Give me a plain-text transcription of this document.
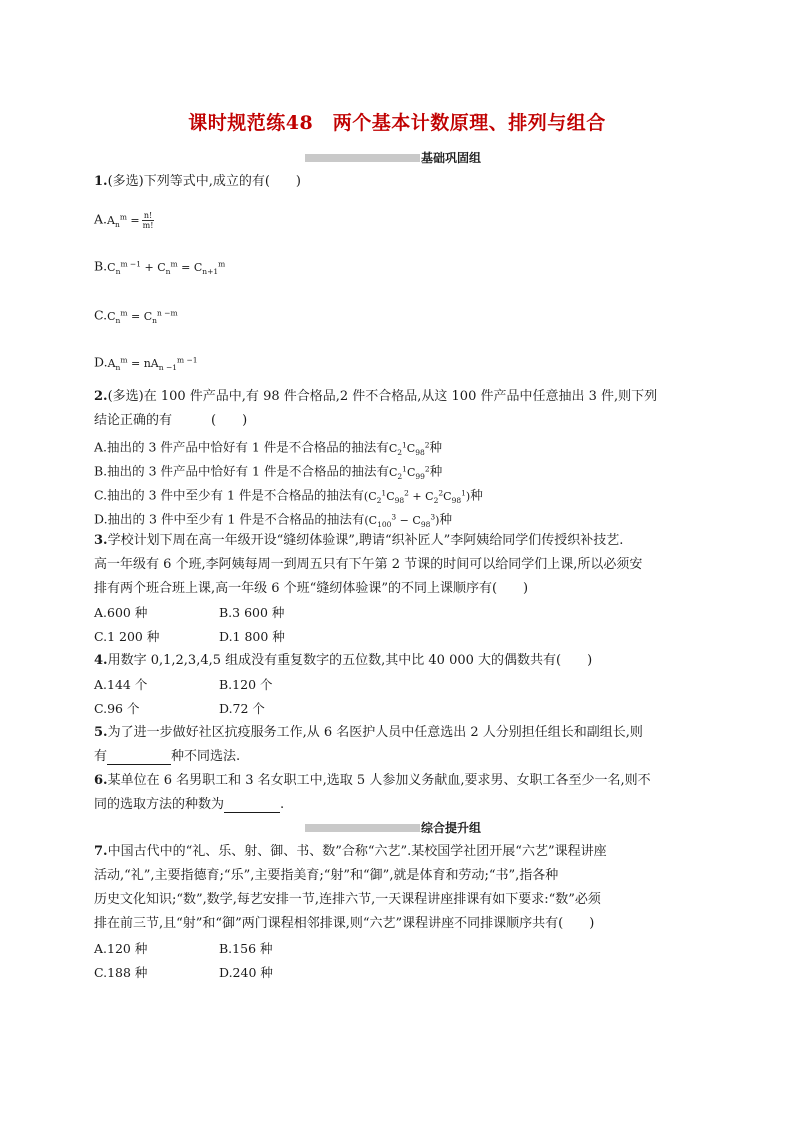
课时规范练48　两个基本计数原理、排列与组合
基础巩固组
1.(多选)下列等式中,成立的有(　　)
$A.A_n^m = \frac{n!}{m!}$
$B.C_n^{m -1} + C_n^m = C_{n+1}^m$
$C.C_n^m = C_n^{n -m}$
$D.A_n^m = nA_{n -1}^{m -1}$
2.(多选)在 100 件产品中,有 98 件合格品,2 件不合格品,从这 100 件产品中任意抽出 3 件,则下列
结论正确的有　　　(　　)
A.抽出的 3 件产品中恰好有 1 件是不合格品的抽法有$C_2^1C_{98}^2$种
B.抽出的 3 件产品中恰好有 1 件是不合格品的抽法有$C_2^1C_{99}^2$种
C.抽出的 3 件中至少有 1 件是不合格品的抽法有$(C_2^1C_{98}^2 + C_2^2C_{98}^1)$种
D.抽出的 3 件中至少有 1 件是不合格品的抽法有$(C_{100}^3 - C_{98}^3)$种
3.学校计划下周在高一年级开设“缝纫体验课”,聘请“织补匠人”李阿姨给同学们传授织补技艺.
高一年级有 6 个班,李阿姨每周一到周五只有下午第 2 节课的时间可以给同学们上课,所以必须安
排有两个班合班上课,高一年级 6 个班“缝纫体验课”的不同上课顺序有(　　)
A.600 种	B.3 600 种
C.1 200 种	D.1 800 种
4.用数字 0,1,2,3,4,5 组成没有重复数字的五位数,其中比 40 000 大的偶数共有(　　)
A.144 个	B.120 个
C.96 个	D.72 个
5.为了进一步做好社区抗疫服务工作,从 6 名医护人员中任意选出 2 人分别担任组长和副组长,则
有	种不同选法.
6.某单位在 6 名男职工和 3 名女职工中,选取 5 人参加义务献血,要求男、女职工各至少一名,则不
同的选取方法的种数为	.
综合提升组
7.中国古代中的“礼、乐、射、御、书、数”合称“六艺”.某校国学社团开展“六艺”课程讲座
活动,“礼”,主要指德育;“乐”,主要指美育;“射”和“御”,就是体育和劳动;“书”,指各种
历史文化知识;“数”,数学,每艺安排一节,连排六节,一天课程讲座排课有如下要求:“数”必须
排在前三节,且“射”和“御”两门课程相邻排课,则“六艺”课程讲座不同排课顺序共有(　　)
A.120 种	B.156 种
C.188 种	D.240 种
